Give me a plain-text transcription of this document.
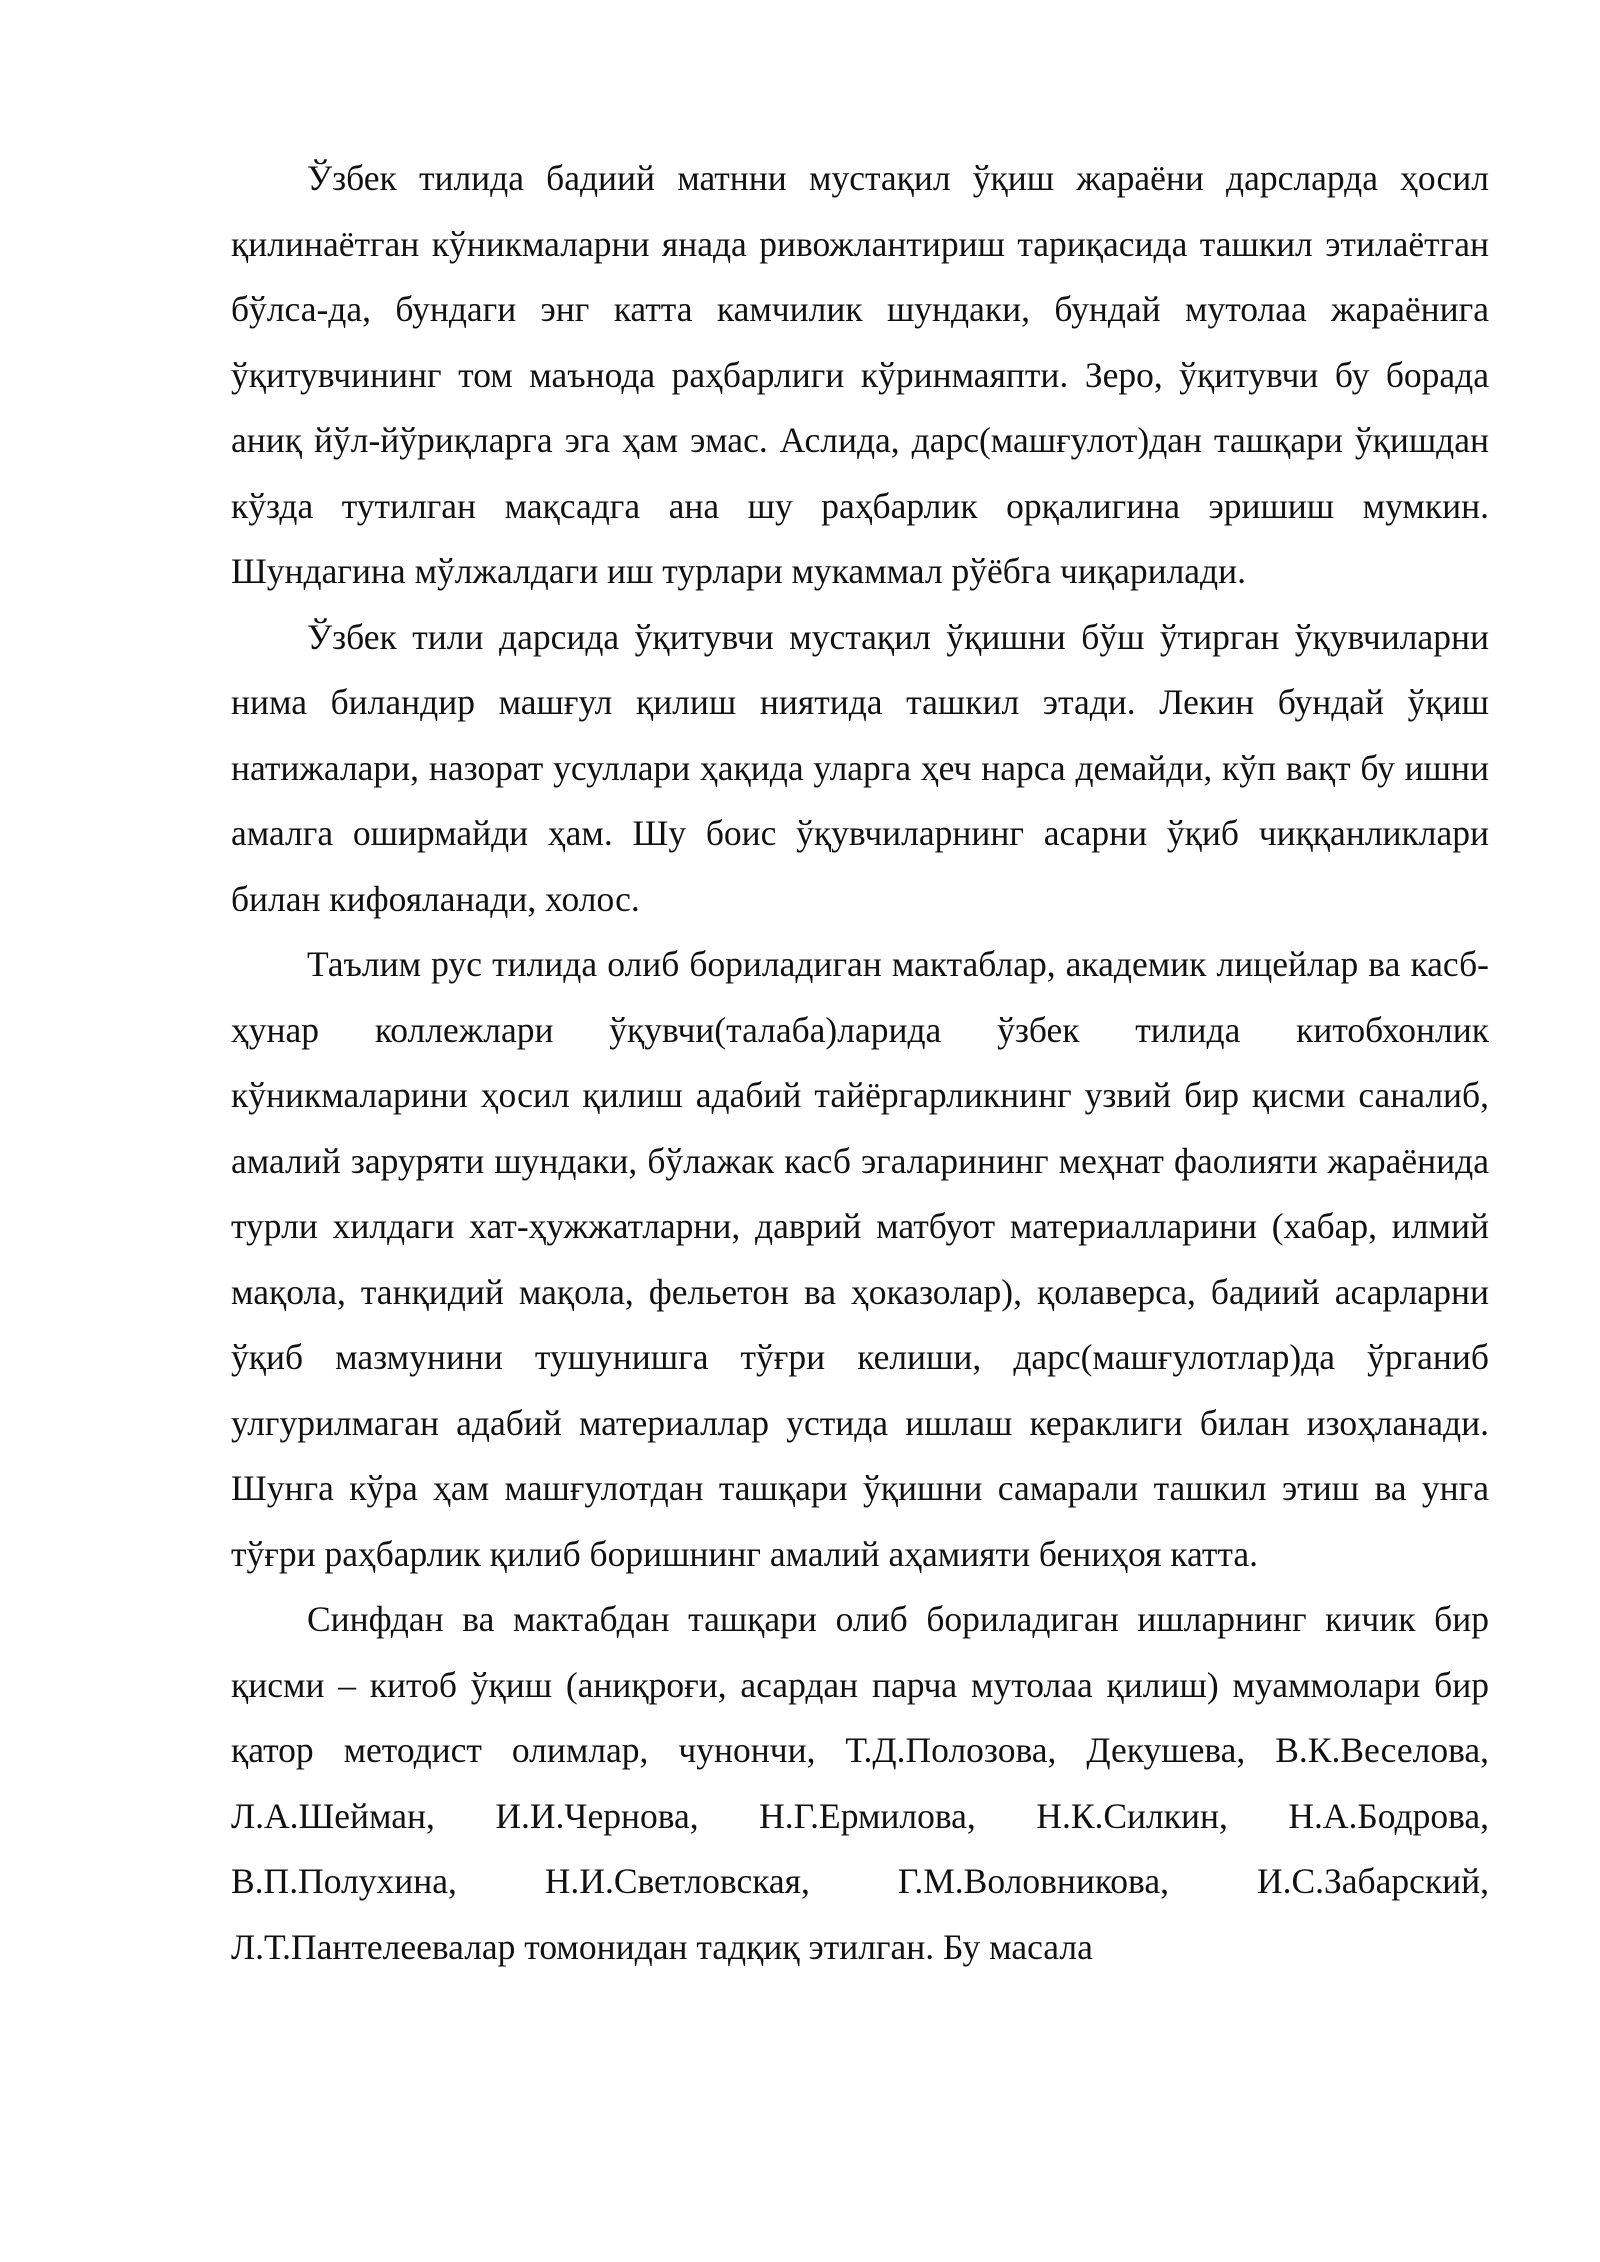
Ўзбек тилида бадиий матнни мустақил ўқиш жараёни дарсларда ҳосил қилинаётган кўникмаларни янада ривожлантириш тариқасида ташкил этилаётган бўлса-да, бундаги энг катта камчилик шундаки, бундай мутолаа жараёнига ўқитувчининг том маънода раҳбарлиги кўринмаяпти. Зеро, ўқитувчи бу борада аниқ йўл-йўриқларга эга ҳам эмас. Аслида, дарс(машғулот)дан ташқари ўқишдан кўзда тутилган мақсадга ана шу раҳбарлик орқалигина эришиш мумкин. Шундагина мўлжалдаги иш турлари мукаммал рўёбга чиқарилади.

Ўзбек тили дарсида ўқитувчи мустақил ўқишни бўш ўтирган ўқувчиларни нима биландир машғул қилиш ниятида ташкил этади. Лекин бундай ўқиш натижалари, назорат усуллари ҳақида уларга ҳеч нарса демайди, кўп вақт бу ишни амалга оширмайди ҳам. Шу боис ўқувчиларнинг асарни ўқиб чиққанликлари билан кифояланади, холос.

Таълим рус тилида олиб бориладиган мактаблар, академик лицейлар ва касб-ҳунар коллежлари ўқувчи(талаба)ларида ўзбек тилида китобхонлик кўникмаларини ҳосил қилиш адабий тайёргарликнинг узвий бир қисми саналиб, амалий заруряти шундаки, бўлажак касб эгаларининг меҳнат фаолияти жараёнида турли хилдаги хат-ҳужжатларни, даврий матбуот материалларини (хабар, илмий мақола, танқидий мақола, фельетон ва ҳоказолар), қолаверса, бадиий асарларни ўқиб мазмунини тушунишга тўғри келиши, дарс(машғулотлар)да ўрганиб улгурилмаган адабий материаллар устида ишлаш кераклиги билан изоҳланади. Шунга кўра ҳам машғулотдан ташқари ўқишни самарали ташкил этиш ва унга тўғри раҳбарлик қилиб боришнинг амалий аҳамияти бениҳоя катта.

Синфдан ва мактабдан ташқари олиб бориладиган ишларнинг кичик бир қисми – китоб ўқиш (аниқроғи, асардан парча мутолаа қилиш) муаммолари бир қатор методист олимлар, чунончи, Т.Д.Полозова, Декушева, В.К.Веселова, Л.А.Шейман, И.И.Чернова, Н.Г.Ермилова, Н.К.Силкин, Н.А.Бодрова, В.П.Полухина, Н.И.Светловская, Г.М.Воловникова, И.С.Забарский, Л.Т.Пантелеевалар томонидан тадқиқ этилган. Бу масала
